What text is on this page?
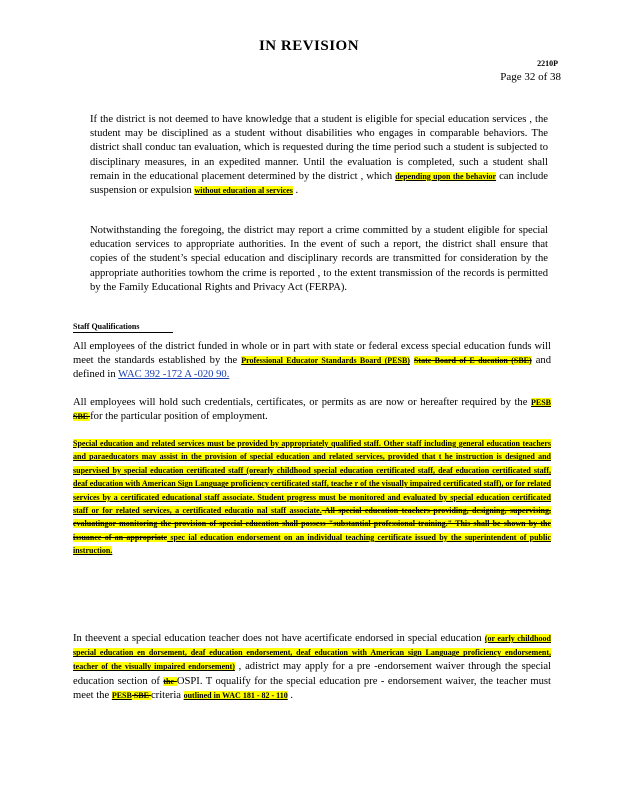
IN REVISION
2210P
Page 32 of 38

If the district is not deemed to have knowledge that a student is eligible for special education services , the student may be disciplined as a student without disabilities who engages in comparable behaviors. The district shall conduc tan evaluation, which is requested during the time period such a student is subjected to disciplinary measures, in an expedited manner. Until the evaluation is completed, such a student shall remain in the educational placement determined by the district , which depending upon the behavior can include suspension or expulsion without education al services .

Notwithstanding the foregoing, the district may report a crime committed by a student eligible for special education services to appropriate authorities. In the event of such a report, the district shall ensure that copies of the student’s special education and disciplinary records are transmitted for consideration by the appropriate authorities towhom the crime is reported , to the extent transmission of the records is permitted by the Family Educational Rights and Privacy Act (FERPA).

Staff Qualifications

All employees of the district funded in whole or in part with state or federal excess special education funds will meet the standards established by the Professional Educator Standards Board (PESB) State Board of E ducation (SBE) and defined in WAC 392 -172 A -020 90.

All employees will hold such credentials, certificates, or permits as are now or hereafter required by the PESB SBE for the particular position of employment.

Special education and related services must be provided by appropriately qualified staff. Other staff including general education teachers and paraeducators may assist in the provision of special education and related services, provided that t he instruction is designed and supervised by special education certificated staff (orearly childhood special education certificated staff, deaf education certificated staff, deaf education with American Sign Language proficiency certificated staff, teache r of the visually impaired certificated staff), or for related services by a certificated educational staff associate. Student progress must be monitored and evaluated by special education certificated staff or for related services, a certificated educatio nal staff associate. All special education teachers providing, designing, supervising, evaluatingor monitoring the provision of special education shall possess "substantial professional training." This shall be shown by the issuance of an appropriate spec ial education endorsement on an individual teaching certificate issued by the superintendent of public instruction.

In theevent a special education teacher does not have acertificate endorsed in special education (or early childhood special education en dorsement, deaf education endorsement, deaf education with American sign Language proficiency endorsement, teacher of the visually impaired endorsement) , adistrict may apply for a pre -endorsement waiver through the special education section of the OSPI. T oqualify for the special education pre - endorsement waiver, the teacher must meet the PESB SBE criteria outlined in WAC 181 - 82 - 110 .
